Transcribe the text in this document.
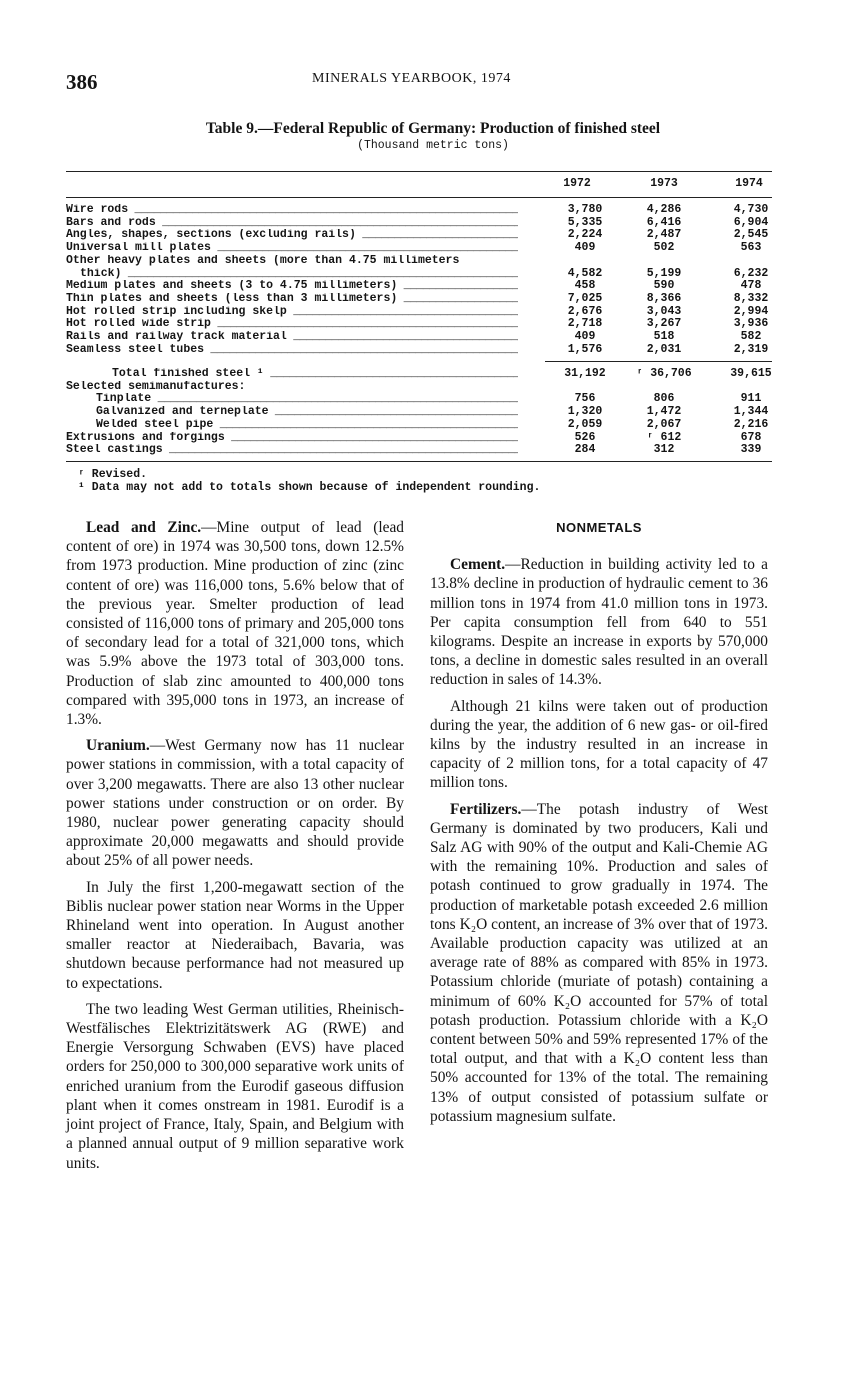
386	MINERALS YEARBOOK, 1974
Table 9.—Federal Republic of Germany: Production of finished steel
(Thousand metric tons)
1972	1973	1974
Wire rods _____	3,780	4,286	4,730
Bars and rods _____	5,335	6,416	6,904
Angles, shapes, sections (excluding rails) _____	2,224	2,487	2,545
Universal mill plates _____	409	502	563
Other heavy plates and sheets (more than 4.75 millimeters
thick) _____	4,582	5,199	6,232
Medium plates and sheets (3 to 4.75 millimeters) _____	458	590	478
Thin plates and sheets (less than 3 millimeters) _____	7,025	8,366	8,332
Hot rolled strip including skelp _____	2,676	3,043	2,994
Hot rolled wide strip _____	2,718	3,267	3,936
Rails and railway track material _____	409	518	582
Seamless steel tubes _____	1,576	2,031	2,319
Total finished steel ¹ _____	31,192	ʳ 36,706	39,615
Selected semimanufactures:
Tinplate _____	756	806	911
Galvanized and terneplate _____	1,320	1,472	1,344
Welded steel pipe _____	2,059	2,067	2,216
Extrusions and forgings _____	526	ʳ 612	678
Steel castings _____	284	312	339
ʳ Revised.
¹ Data may not add to totals shown because of independent rounding.

Lead and Zinc.—Mine output of lead (lead content of ore) in 1974 was 30,500 tons, down 12.5% from 1973 production. Mine production of zinc (zinc content of ore) was 116,000 tons, 5.6% below that of the previous year. Smelter production of lead consisted of 116,000 tons of primary and 205,000 tons of secondary lead for a total of 321,000 tons, which was 5.9% above the 1973 total of 303,000 tons. Production of slab zinc amounted to 400,000 tons compared with 395,000 tons in 1973, an increase of 1.3%.

Uranium.—West Germany now has 11 nuclear power stations in commission, with a total capacity of over 3,200 megawatts. There are also 13 other nuclear power stations under construction or on order. By 1980, nuclear power generating capacity should approximate 20,000 megawatts and should provide about 25% of all power needs.

In July the first 1,200-megawatt section of the Biblis nuclear power station near Worms in the Upper Rhineland went into operation. In August another smaller reactor at Niederaibach, Bavaria, was shutdown because performance had not measured up to expectations.

The two leading West German utilities, Rheinisch-Westfälisches Elektrizitätswerk AG (RWE) and Energie Versorgung Schwaben (EVS) have placed orders for 250,000 to 300,000 separative work units of enriched uranium from the Eurodif gaseous diffusion plant when it comes onstream in 1981. Eurodif is a joint project of France, Italy, Spain, and Belgium with a planned annual output of 9 million separative work units.

NONMETALS

Cement.—Reduction in building activity led to a 13.8% decline in production of hydraulic cement to 36 million tons in 1974 from 41.0 million tons in 1973. Per capita consumption fell from 640 to 551 kilograms. Despite an increase in exports by 570,000 tons, a decline in domestic sales resulted in an overall reduction in sales of 14.3%.

Although 21 kilns were taken out of production during the year, the addition of 6 new gas- or oil-fired kilns by the industry resulted in an increase in capacity of 2 million tons, for a total capacity of 47 million tons.

Fertilizers.—The potash industry of West Germany is dominated by two producers, Kali und Salz AG with 90% of the output and Kali-Chemie AG with the remaining 10%. Production and sales of potash continued to grow gradually in 1974. The production of marketable potash exceeded 2.6 million tons K₂O content, an increase of 3% over that of 1973. Available production capacity was utilized at an average rate of 88% as compared with 85% in 1973. Potassium chloride (muriate of potash) containing a minimum of 60% K₂O accounted for 57% of total potash production. Potassium chloride with a K₂O content between 50% and 59% represented 17% of the total output, and that with a K₂O content less than 50% accounted for 13% of the total. The remaining 13% of output consisted of potassium sulfate or potassium magnesium sulfate.
